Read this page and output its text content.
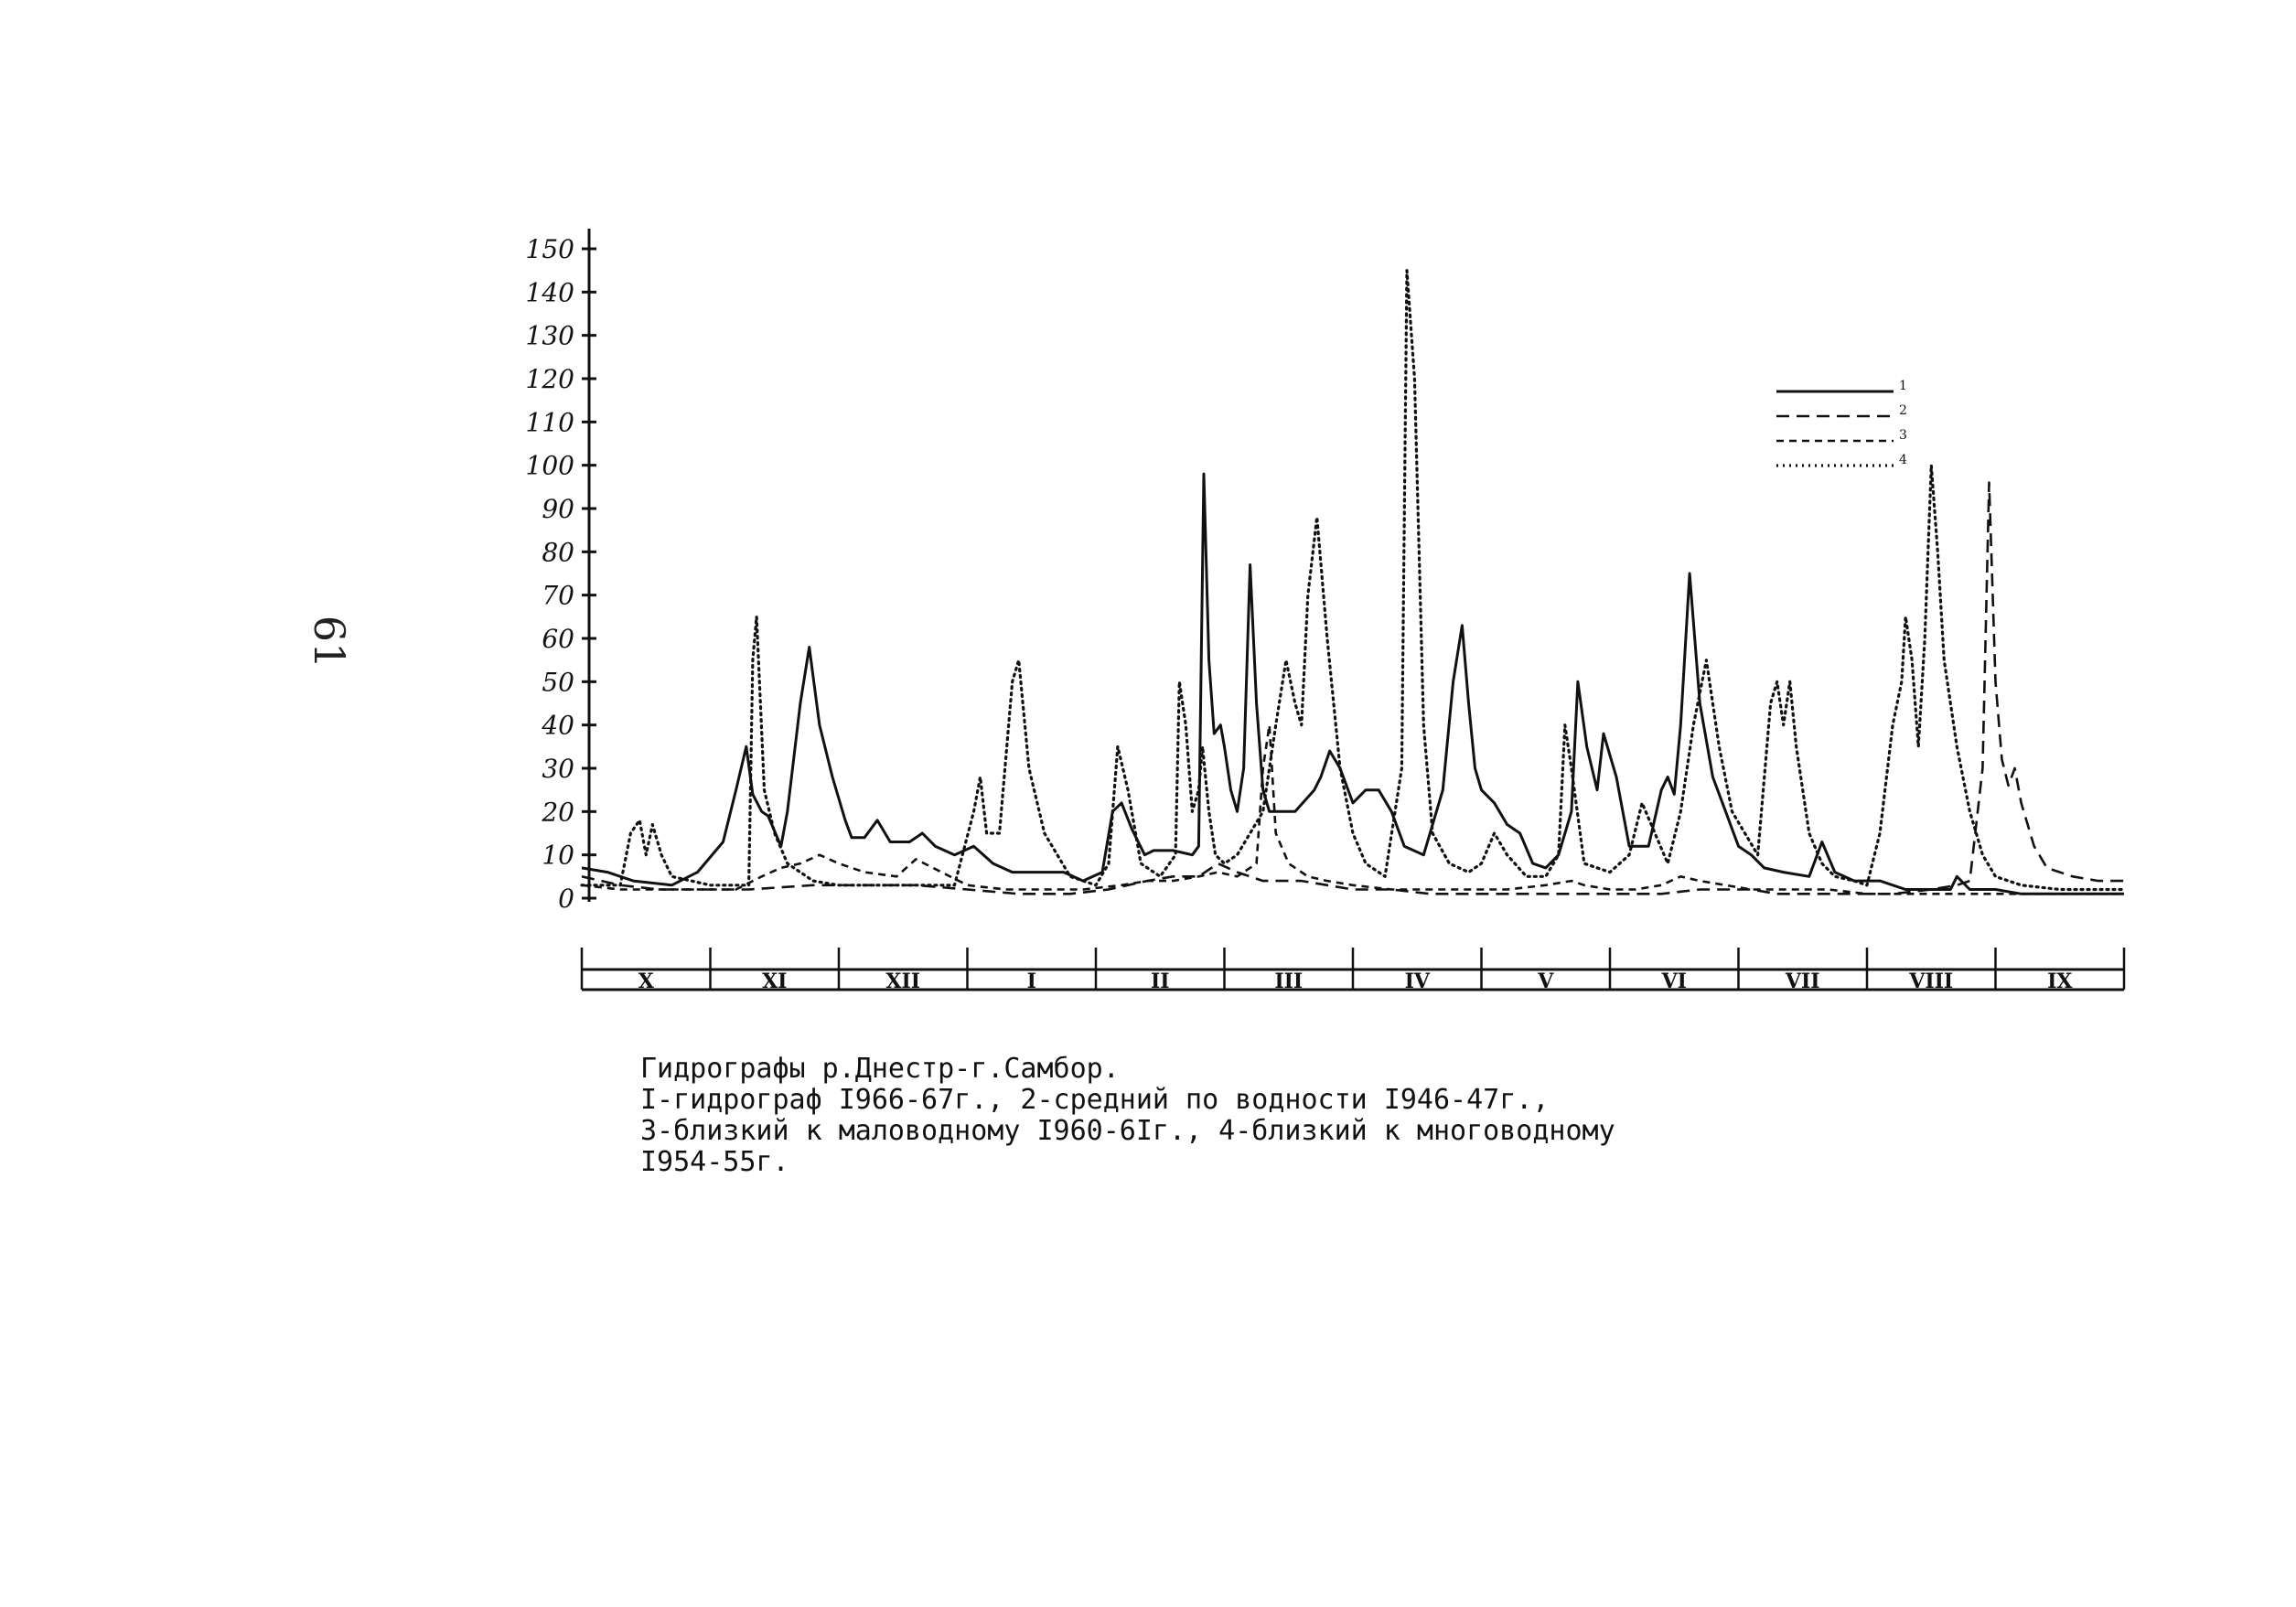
61
150
140
130
120
110
100
90
80
70
60
50
40
30
20
10
0
1
2
3
4
X	XI	XII	I	II	III	IV	V	VI	VII	VIII	IX
Гидрографы р.Днестр-г.Самбор.
I-гидрограф I966-67г., 2-средний по водности I946-47г.,
3-близкий к маловодному I960-6Iг., 4-близкий к многоводному
I954-55г.
